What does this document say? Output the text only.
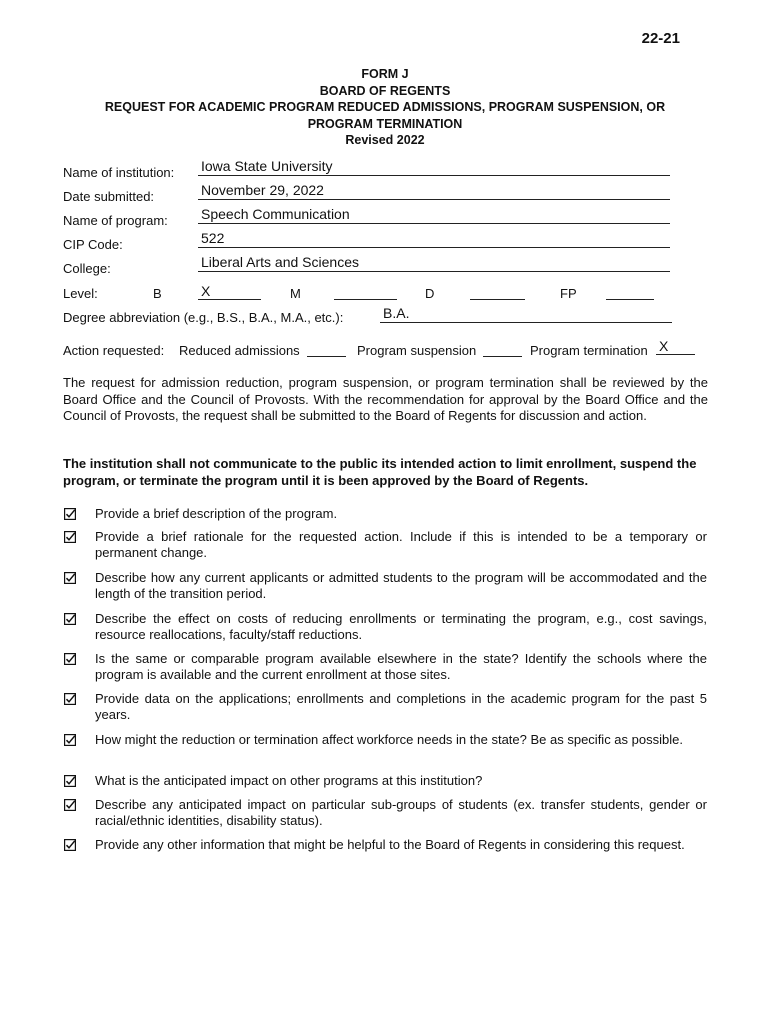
22-21
FORM J
BOARD OF REGENTS
REQUEST FOR ACADEMIC PROGRAM REDUCED ADMISSIONS, PROGRAM SUSPENSION, OR
PROGRAM TERMINATION
Revised 2022
Name of institution: Iowa State University
Date submitted:	November 29, 2022
Name of program: Speech Communication
CIP Code:	522
College:	Liberal Arts and Sciences
Level:	B	X	M	D	FP
Degree abbreviation (e.g., B.S., B.A., M.A., etc.):	B.A.
Action requested: Reduced admissions	Program suspension	Program termination X
The request for admission reduction, program suspension, or program termination shall be reviewed by the Board Office and the Council of Provosts. With the recommendation for approval by the Board Office and the Council of Provosts, the request shall be submitted to the Board of Regents for discussion and action.
The institution shall not communicate to the public its intended action to limit enrollment, suspend the program, or terminate the program until it is been approved by the Board of Regents.
Provide a brief description of the program.
Provide a brief rationale for the requested action. Include if this is intended to be a temporary or permanent change.
Describe how any current applicants or admitted students to the program will be accommodated and the length of the transition period.
Describe the effect on costs of reducing enrollments or terminating the program, e.g., cost savings, resource reallocations, faculty/staff reductions.
Is the same or comparable program available elsewhere in the state? Identify the schools where the program is available and the current enrollment at those sites.
Provide data on the applications; enrollments and completions in the academic program for the past 5 years.
How might the reduction or termination affect workforce needs in the state? Be as specific as possible.
What is the anticipated impact on other programs at this institution?
Describe any anticipated impact on particular sub-groups of students (ex. transfer students, gender or racial/ethnic identities, disability status).
Provide any other information that might be helpful to the Board of Regents in considering this request.
